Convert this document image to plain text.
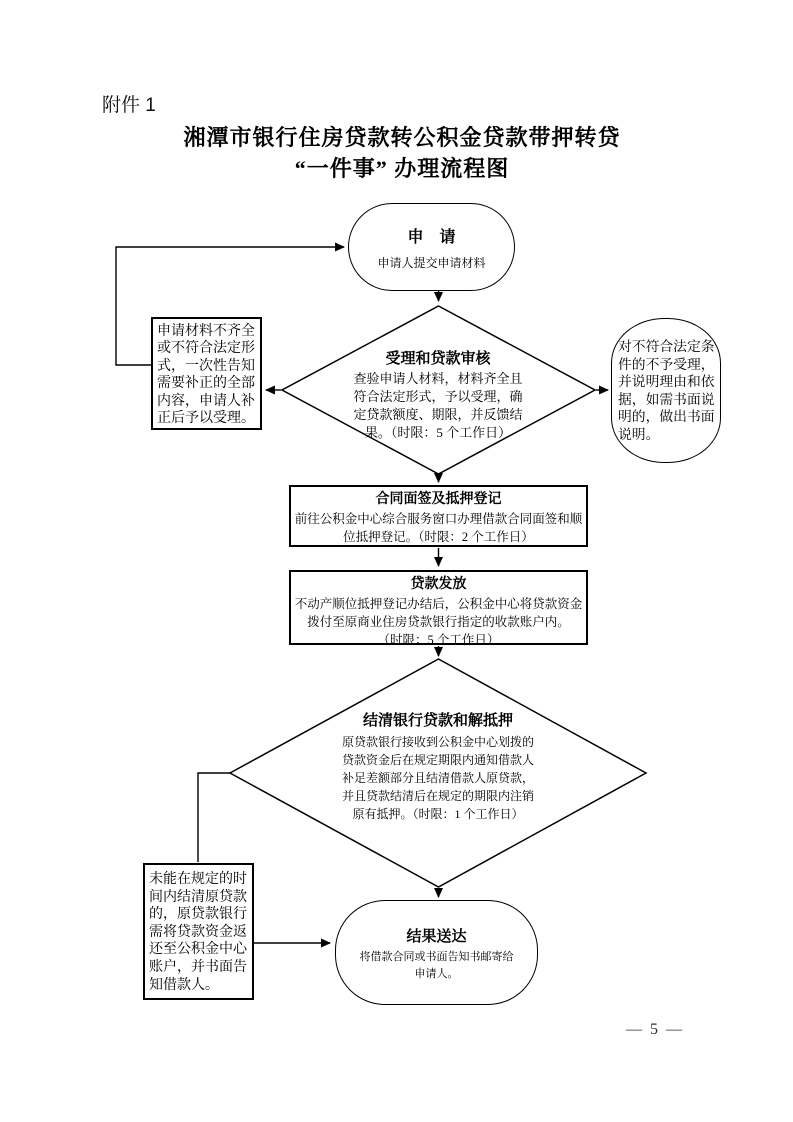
附件 1
湘潭市银行住房贷款转公积金贷款带押转贷
“一件事” 办理流程图
申　请
申请人提交申请材料
受理和贷款审核
查验申请人材料，材料齐全且符合法定形式，予以受理，确定贷款额度、期限，并反馈结果。（时限：5 个工作日）
申请材料不齐全或不符合法定形式，一次性告知需要补正的全部内容，申请人补正后予以受理。
对不符合法定条件的不予受理，并说明理由和依据，如需书面说明的，做出书面说明。
合同面签及抵押登记
前往公积金中心综合服务窗口办理借款合同面签和顺位抵押登记。（时限：2 个工作日）
贷款发放
不动产顺位抵押登记办结后，公积金中心将贷款资金拨付至原商业住房贷款银行指定的收款账户内。
（时限：5 个工作日）
结清银行贷款和解抵押
原贷款银行接收到公积金中心划拨的贷款资金后在规定期限内通知借款人补足差额部分且结清借款人原贷款，并且贷款结清后在规定的期限内注销原有抵押。（时限：1 个工作日）
未能在规定的时间内结清原贷款的，原贷款银行需将贷款资金返还至公积金中心账户，并书面告知借款人。
结果送达
将借款合同或书面告知书邮寄给申请人。
— 5 —
